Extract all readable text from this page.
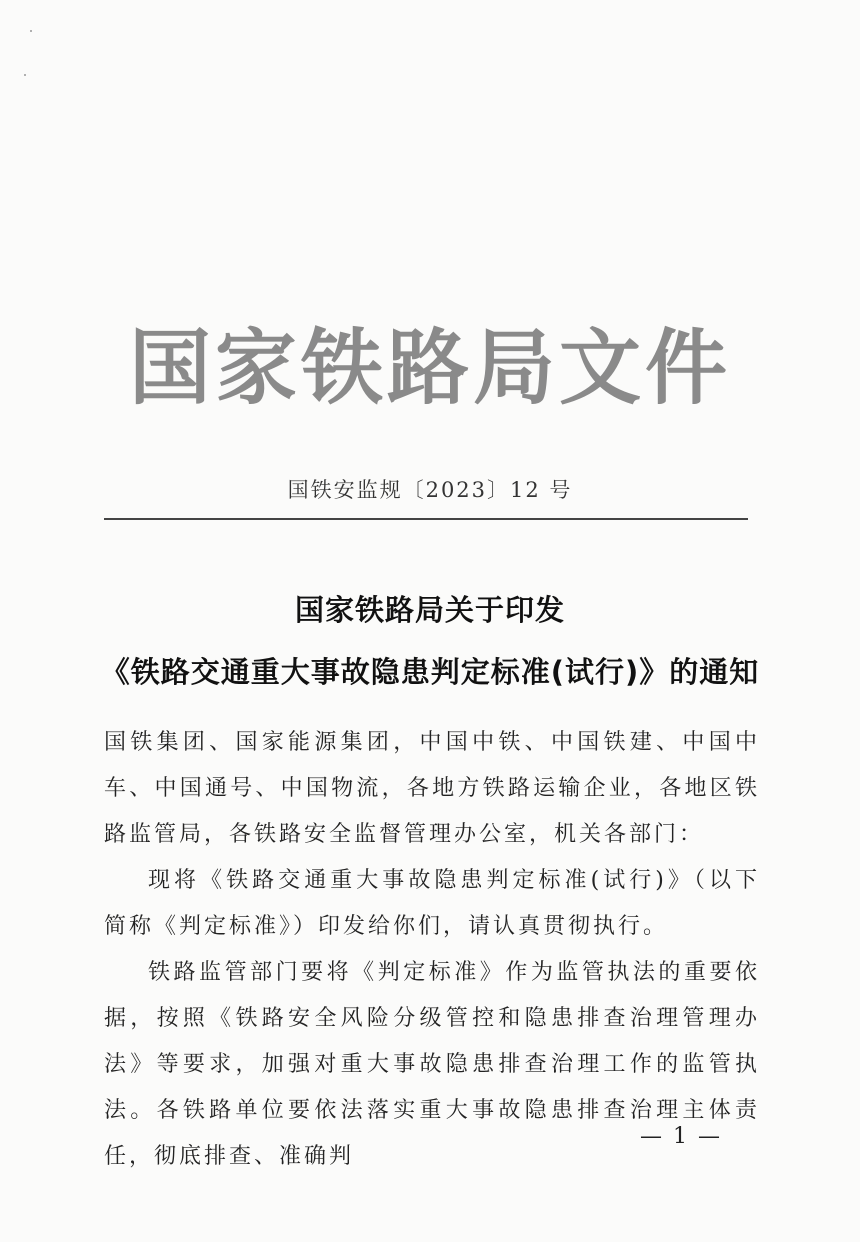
国家铁路局文件
国铁安监规〔2023〕12 号
国家铁路局关于印发
《铁路交通重大事故隐患判定标准(试行)》的通知
国铁集团、国家能源集团，中国中铁、中国铁建、中国中车、中国通号、中国物流，各地方铁路运输企业，各地区铁路监管局，各铁路安全监督管理办公室，机关各部门：
现将《铁路交通重大事故隐患判定标准(试行)》（以下简称《判定标准》）印发给你们，请认真贯彻执行。
铁路监管部门要将《判定标准》作为监管执法的重要依据，按照《铁路安全风险分级管控和隐患排查治理管理办法》等要求，加强对重大事故隐患排查治理工作的监管执法。各铁路单位要依法落实重大事故隐患排查治理主体责任，彻底排查、准确判
— 1 —
